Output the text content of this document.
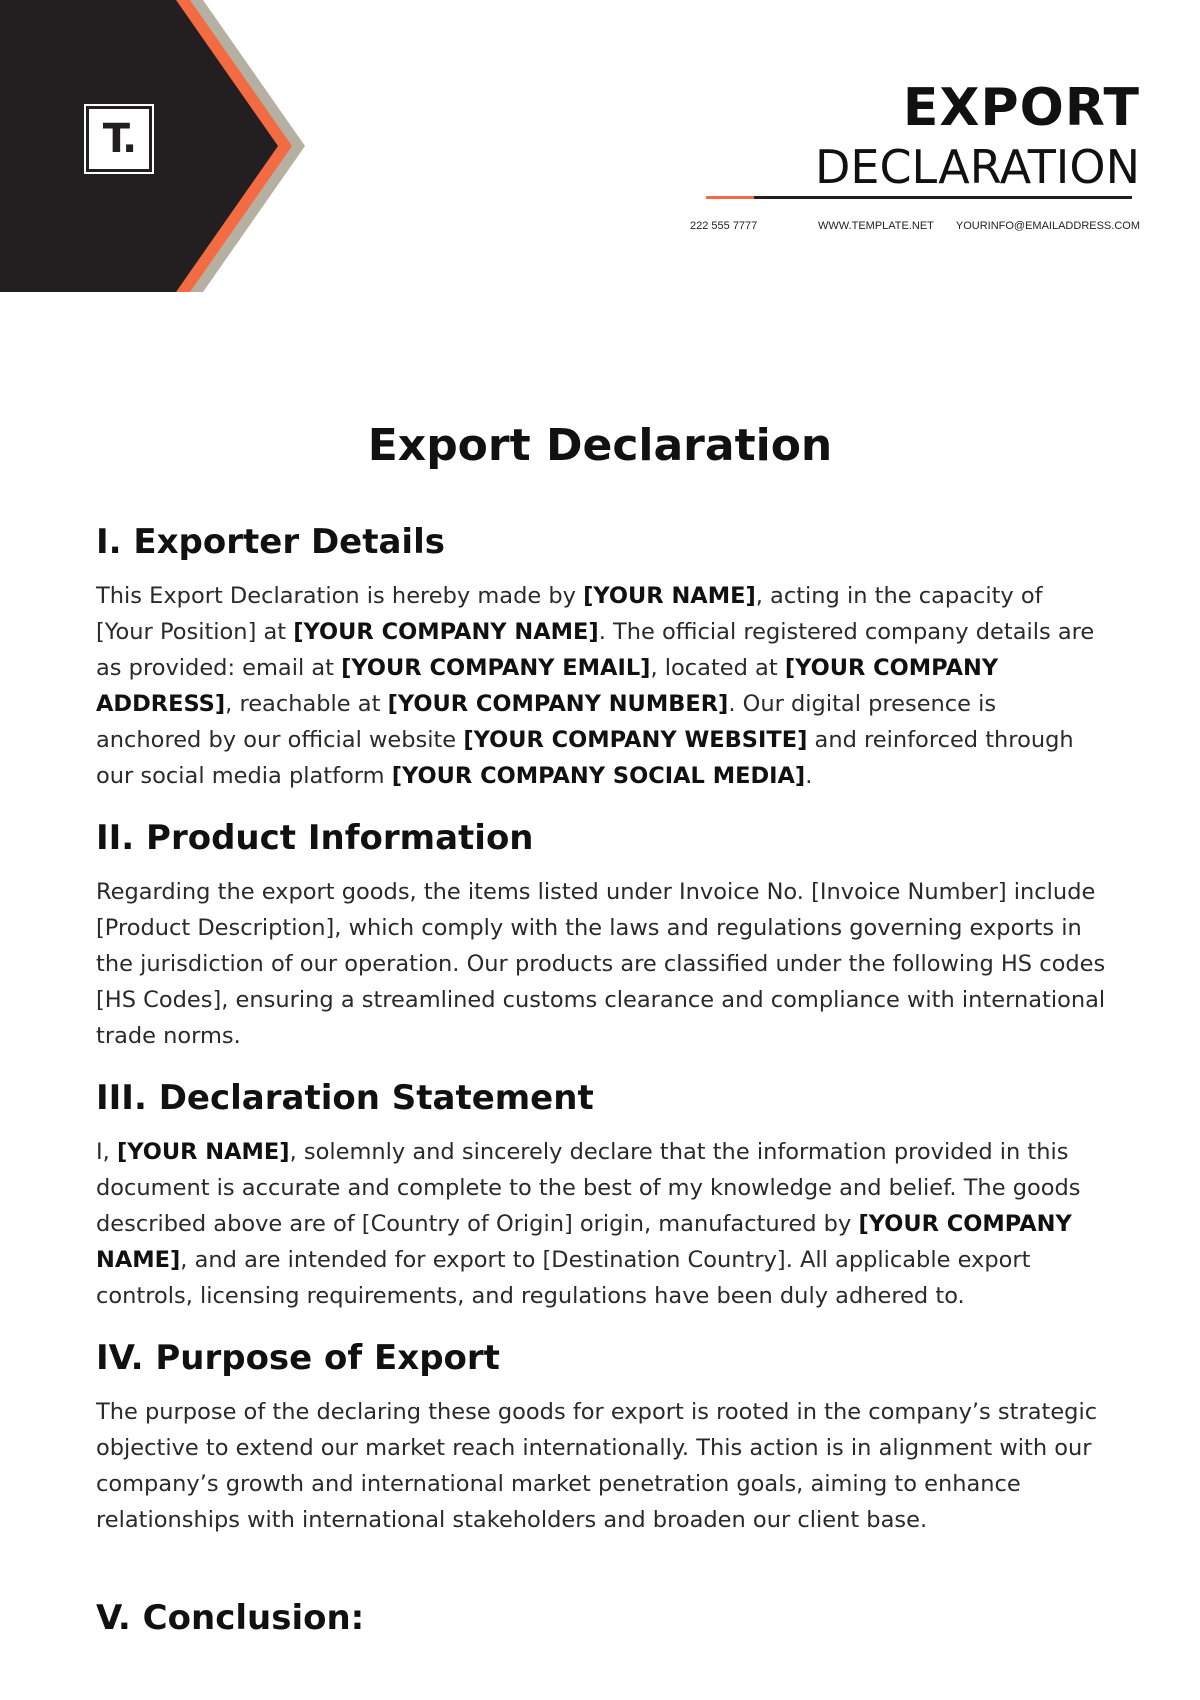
T.
EXPORT
DECLARATION
222 555 7777	WWW.TEMPLATE.NET YOURINFO@EMAILADDRESS.COM
Export Declaration
I. Exporter Details

This Export Declaration is hereby made by [YOUR NAME], acting in the capacity of [Your Position] at [YOUR COMPANY NAME]. The official registered company details are as provided: email at [YOUR COMPANY EMAIL], located at [YOUR COMPANY ADDRESS], reachable at [YOUR COMPANY NUMBER]. Our digital presence is anchored by our official website [YOUR COMPANY WEBSITE] and reinforced through our social media platform [YOUR COMPANY SOCIAL MEDIA].

II. Product Information

Regarding the export goods, the items listed under Invoice No. [Invoice Number] include [Product Description], which comply with the laws and regulations governing exports in the jurisdiction of our operation. Our products are classified under the following HS codes [HS Codes], ensuring a streamlined customs clearance and compliance with international trade norms.

III. Declaration Statement

I, [YOUR NAME], solemnly and sincerely declare that the information provided in this document is accurate and complete to the best of my knowledge and belief. The goods described above are of [Country of Origin] origin, manufactured by [YOUR COMPANY NAME], and are intended for export to [Destination Country]. All applicable export controls, licensing requirements, and regulations have been duly adhered to.

IV. Purpose of Export

The purpose of the declaring these goods for export is rooted in the company’s strategic objective to extend our market reach internationally. This action is in alignment with our company’s growth and international market penetration goals, aiming to enhance relationships with international stakeholders and broaden our client base.

V. Conclusion:
